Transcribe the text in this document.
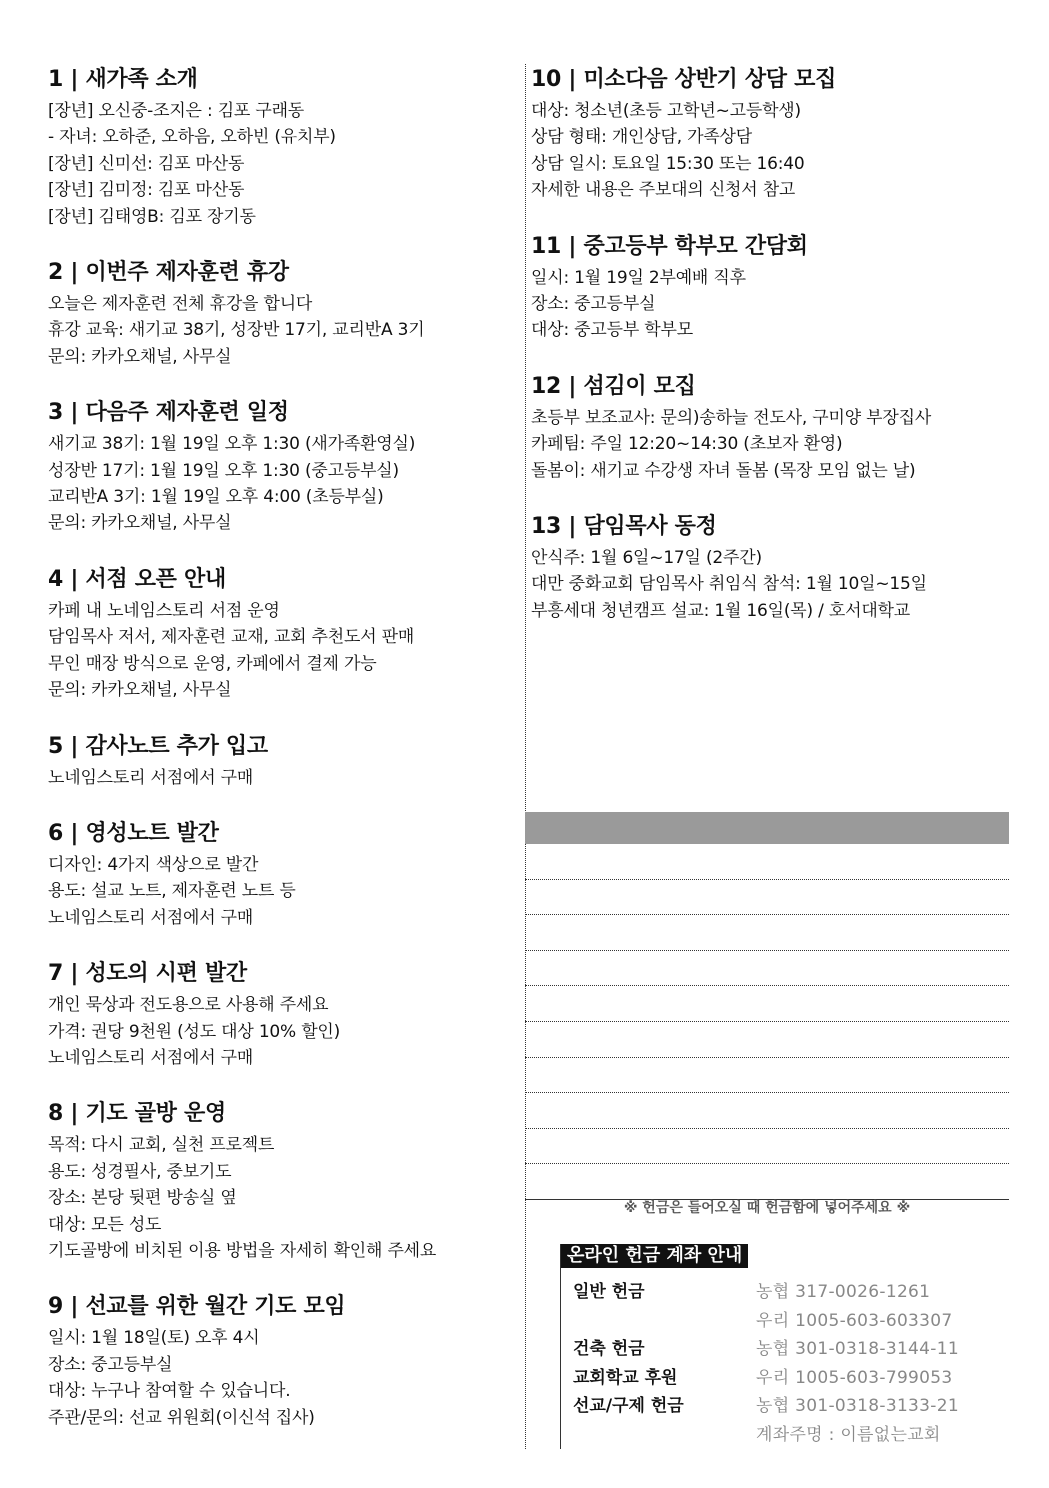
1 | 새가족 소개
[장년] 오신중-조지은 : 김포 구래동
- 자녀: 오하준, 오하음, 오하빈 (유치부)
[장년] 신미선: 김포 마산동
[장년] 김미정: 김포 마산동
[장년] 김태영B: 김포 장기동
2 | 이번주 제자훈련 휴강
오늘은 제자훈련 전체 휴강을 합니다
휴강 교육: 새기교 38기, 성장반 17기, 교리반A 3기
문의: 카카오채널, 사무실
3 | 다음주 제자훈련 일정
새기교 38기: 1월 19일 오후 1:30 (새가족환영실)
성장반 17기: 1월 19일 오후 1:30 (중고등부실)
교리반A 3기: 1월 19일 오후 4:00 (초등부실)
문의: 카카오채널, 사무실
4 | 서점 오픈 안내
카페 내 노네임스토리 서점 운영
담임목사 저서, 제자훈련 교재, 교회 추천도서 판매
무인 매장 방식으로 운영, 카페에서 결제 가능
문의: 카카오채널, 사무실
5 | 감사노트 추가 입고
노네임스토리 서점에서 구매
6 | 영성노트 발간
디자인: 4가지 색상으로 발간
용도: 설교 노트, 제자훈련 노트 등
노네임스토리 서점에서 구매
7 | 성도의 시편 발간
개인 묵상과 전도용으로 사용해 주세요
가격: 권당 9천원 (성도 대상 10% 할인)
노네임스토리 서점에서 구매
8 | 기도 골방 운영
목적: 다시 교회, 실천 프로젝트
용도: 성경필사, 중보기도
장소: 본당 뒷편 방송실 옆
대상: 모든 성도
기도골방에 비치된 이용 방법을 자세히 확인해 주세요
9 | 선교를 위한 월간 기도 모임
일시: 1월 18일(토) 오후 4시
장소: 중고등부실
대상: 누구나 참여할 수 있습니다.
주관/문의: 선교 위원회(이신석 집사)
10 | 미소다음 상반기 상담 모집
대상: 청소년(초등 고학년~고등학생)
상담 형태: 개인상담, 가족상담
상담 일시: 토요일 15:30 또는 16:40
자세한 내용은 주보대의 신청서 참고
11 | 중고등부 학부모 간담회
일시: 1월 19일 2부예배 직후
장소: 중고등부실
대상: 중고등부 학부모
12 | 섬김이 모집
초등부 보조교사: 문의)송하늘 전도사, 구미양 부장집사
카페팀: 주일 12:20~14:30 (초보자 환영)
돌봄이: 새기교 수강생 자녀 돌봄 (목장 모임 없는 날)
13 | 담임목사 동정
안식주: 1월 6일~17일 (2주간)
대만 중화교회 담임목사 취임식 참석: 1월 10일~15일
부흥세대 청년캠프 설교: 1월 16일(목) / 호서대학교
※ 헌금은 들어오실 때 헌금함에 넣어주세요 ※
온라인 헌금 계좌 안내
일반 헌금	농협 317-0026-1261
우리 1005-603-603307
건축 헌금	농협 301-0318-3144-11
교회학교 후원	우리 1005-603-799053
선교/구제 헌금	농협 301-0318-3133-21
계좌주명 : 이름없는교회
